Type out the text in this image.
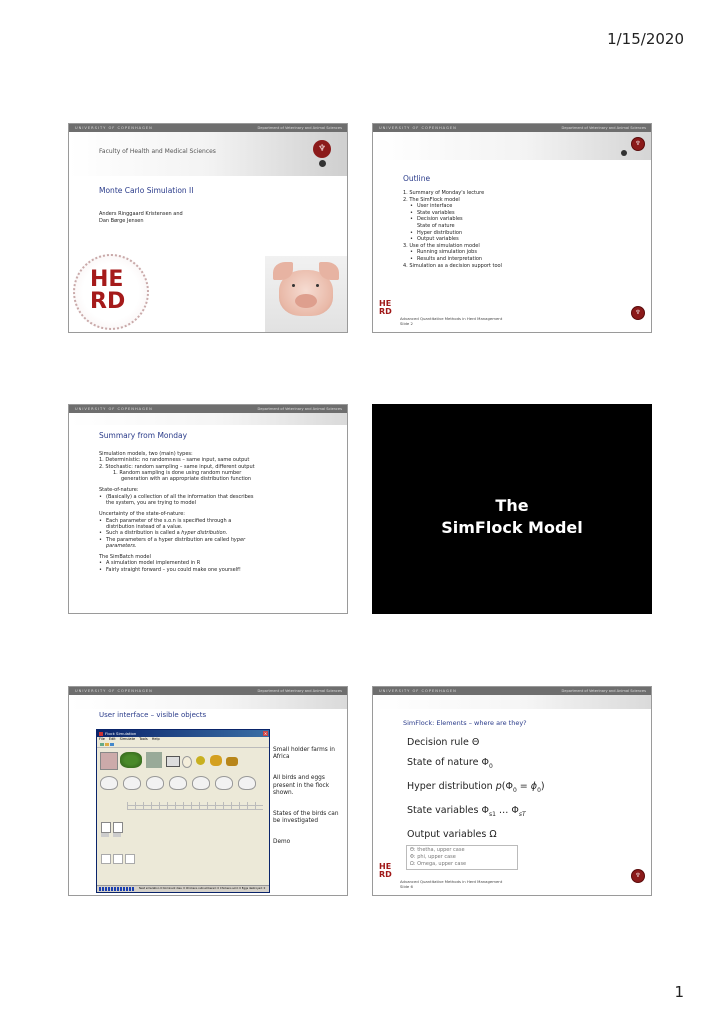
1/15/2020
UNIVERSITY OF COPENHAGEN	Department of Veterinary and Animal Sciences
Faculty of Health and Medical Sciences	♆
Monte Carlo Simulation II

Anders Ringgaard Kristensen and

Dan Børge Jensen

HE
RD
UNIVERSITY OF COPENHAGEN	Department of Veterinary and Animal Sciences
♆
Outline

1. Summary of Monday's lecture

2. The SimFlock model

• User interface

• State variables

• Decision variables

State of nature

• Hyper distribution

• Output variables

3. Use of the simulation model

• Running simulation jobs

• Results and interpretation

4. Simulation as a decision support tool

HE
RD
Advanced Quantitative Methods in Herd Management
Slide 2
♆
UNIVERSITY OF COPENHAGEN	Department of Veterinary and Animal Sciences
Summary from Monday

Simulation models, two (main) types:

1. Deterministic: no randomness – same input, same output

2. Stochastic: random sampling – same input, different output

1. Random sampling is done using random number

generation with an appropriate distribution function

State-of-nature:

• (Basically) a collection of all the information that describes

the system, you are trying to model

Uncertainty of the state-of-nature:

• Each parameter of the s.o.n is specified through a

distribution instead of a value.

• Such a distribution is called a hyper distribution.

• The parameters of a hyper distribution are called hyper

parameters.

The SimBatch model

• A simulation model implemented in R

• Fairly straight forward – you could make one yourself!

The
SimFlock Model
UNIVERSITY OF COPENHAGEN	Department of Veterinary and Animal Sciences
User interface – visible objects
Flock Simulation	×
File Edit Simulate Tools Help
Next simulation 0 Dominant dies: 0 Chickens outnumbered: 0 Chickens sold: 0 Eggs destroyed: 0

Small holder farms in Africa

All birds and eggs present in the flock shown.

States of the birds can be investigated

Demo

UNIVERSITY OF COPENHAGEN	Department of Veterinary and Animal Sciences
SimFlock: Elements – where are they?
Decision rule Θ
State of nature $\Phi_0$
Hyper distribution $p(\Phi_0 = \phi_0)$
State variables $\Phi_{s1}$ … $\Phi_{sT}$
Output variables Ω
Θ: thetha, upper case
Φ: phi, upper case
Ω: Omega, upper case
HE
RD
Advanced Quantitative Methods in Herd Management
Slide 6
♆
1
